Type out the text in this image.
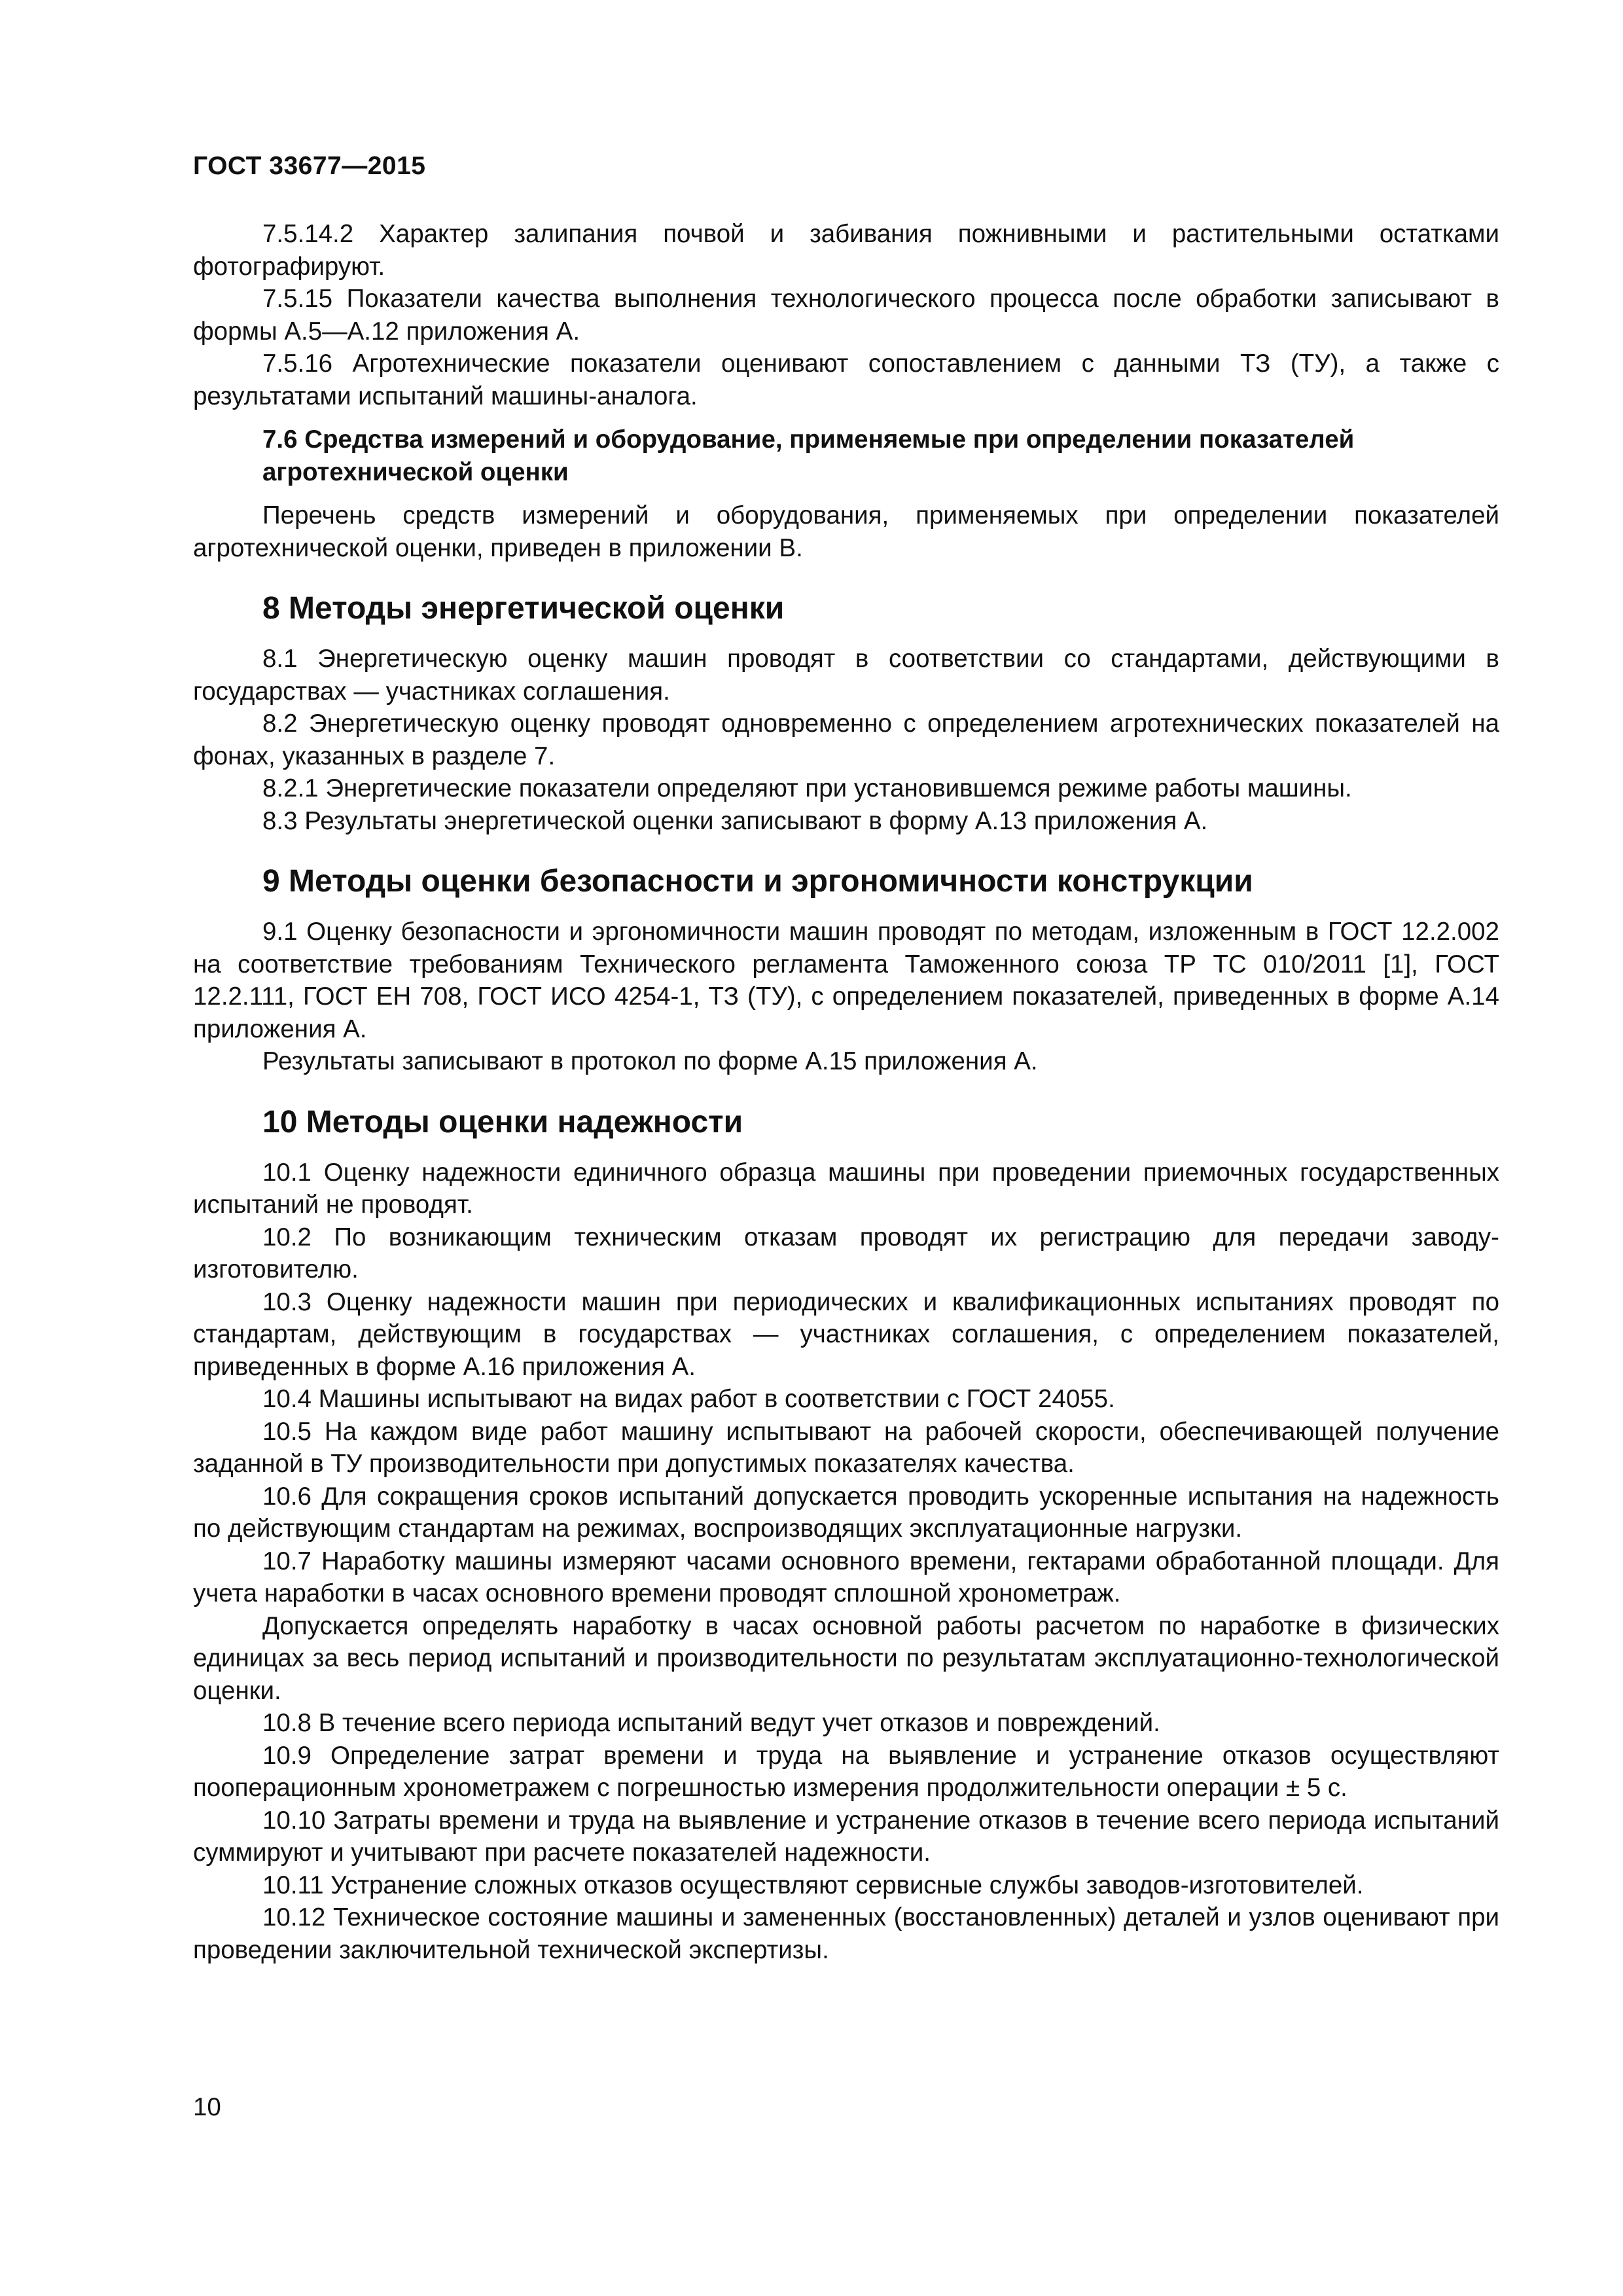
ГОСТ 33677—2015

7.5.14.2 Характер залипания почвой и забивания пожнивными и растительными остатками фотографируют.

7.5.15 Показатели качества выполнения технологического процесса после обработки записывают в формы А.5—А.12 приложения А.

7.5.16 Агротехнические показатели оценивают сопоставлением с данными ТЗ (ТУ), а также с результатами испытаний машины-аналога.

7.6 Средства измерений и оборудование, применяемые при определении показателей агротехнической оценки

Перечень средств измерений и оборудования, применяемых при определении показателей агротехнической оценки, приведен в приложении В.

8 Методы энергетической оценки

8.1 Энергетическую оценку машин проводят в соответствии со стандартами, действующими в государствах — участниках соглашения.

8.2 Энергетическую оценку проводят одновременно с определением агротехнических показателей на фонах, указанных в разделе 7.

8.2.1 Энергетические показатели определяют при установившемся режиме работы машины.

8.3 Результаты энергетической оценки записывают в форму А.13 приложения А.

9 Методы оценки безопасности и эргономичности конструкции

9.1 Оценку безопасности и эргономичности машин проводят по методам, изложенным в ГОСТ 12.2.002 на соответствие требованиям Технического регламента Таможенного союза ТР ТС 010/2011 [1], ГОСТ 12.2.111, ГОСТ ЕН 708, ГОСТ ИСО 4254-1, ТЗ (ТУ), с определением показателей, приведенных в форме А.14 приложения А.

Результаты записывают в протокол по форме А.15 приложения А.

10 Методы оценки надежности

10.1 Оценку надежности единичного образца машины при проведении приемочных государственных испытаний не проводят.

10.2 По возникающим техническим отказам проводят их регистрацию для передачи заводу-изготовителю.

10.3 Оценку надежности машин при периодических и квалификационных испытаниях проводят по стандартам, действующим в государствах — участниках соглашения, с определением показателей, приведенных в форме А.16 приложения А.

10.4 Машины испытывают на видах работ в соответствии с ГОСТ 24055.

10.5 На каждом виде работ машину испытывают на рабочей скорости, обеспечивающей получение заданной в ТУ производительности при допустимых показателях качества.

10.6 Для сокращения сроков испытаний допускается проводить ускоренные испытания на надежность по действующим стандартам на режимах, воспроизводящих эксплуатационные нагрузки.

10.7 Наработку машины измеряют часами основного времени, гектарами обработанной площади. Для учета наработки в часах основного времени проводят сплошной хронометраж.

Допускается определять наработку в часах основной работы расчетом по наработке в физических единицах за весь период испытаний и производительности по результатам эксплуатационно-технологической оценки.

10.8 В течение всего периода испытаний ведут учет отказов и повреждений.

10.9 Определение затрат времени и труда на выявление и устранение отказов осуществляют пооперационным хронометражем с погрешностью измерения продолжительности операции ± 5 с.

10.10 Затраты времени и труда на выявление и устранение отказов в течение всего периода испытаний суммируют и учитывают при расчете показателей надежности.

10.11 Устранение сложных отказов осуществляют сервисные службы заводов-изготовителей.

10.12 Техническое состояние машины и замененных (восстановленных) деталей и узлов оценивают при проведении заключительной технической экспертизы.

10
